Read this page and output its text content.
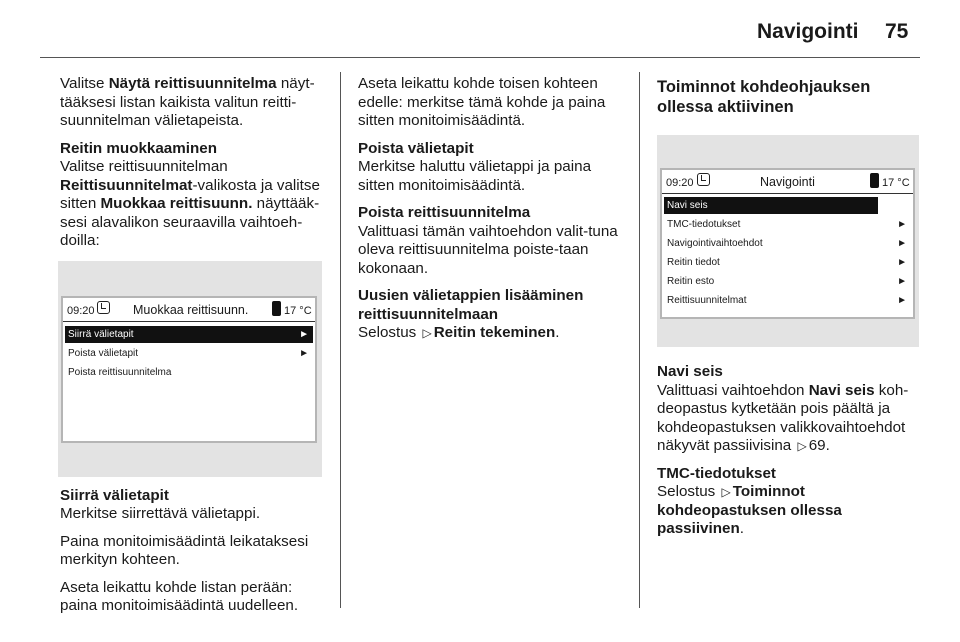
Navigointi 75

Valitse Näytä reittisuunnitelma näyt-tääksesi listan kaikista valitun reitti-suunnitelman välietapeista.

Reitin muokkaaminen

Valitse reittisuunnitelman
Reittisuunnitelmat-valikosta ja valitse sitten Muokkaa reittisuunn. näyttääk-sesi alavalikon seuraavilla vaihtoeh-doilla:

09:20	Muokkaa reittisuunn.	17 °C
Siirrä välietapit	►
Poista välietapit	►
Poista reittisuunnitelma
Siirrä välietapit

Merkitse siirrettävä välietappi.

Paina monitoimisäädintä leikataksesi merkityn kohteen.

Aseta leikattu kohde listan perään: paina monitoimisäädintä uudelleen.

Aseta leikattu kohde toisen kohteen edelle: merkitse tämä kohde ja paina sitten monitoimisäädintä.

Poista välietapit

Merkitse haluttu välietappi ja paina sitten monitoimisäädintä.

Poista reittisuunnitelma

Valittuasi tämän vaihtoehdon valit-tuna oleva reittisuunnitelma poiste-taan kokonaan.

Uusien välietappien lisääminen reittisuunnitelmaan

Selostus ▷ Reitin tekeminen.

Toiminnot kohdeohjauksen ollessa aktiivinen
09:20	Navigointi	17 °C
Navi seis
TMC-tiedotukset	►
Navigointivaihtoehdot	►
Reitin tiedot	►
Reitin esto	►
Reittisuunnitelmat	►
Navi seis

Valittuasi vaihtoehdon Navi seis koh-deopastus kytketään pois päältä ja kohdeopastuksen valikkovaihtoehdot näkyvät passiivisina ▷ 69.

TMC-tiedotukset

Selostus ▷ Toiminnot kohdeopastuksen ollessa passiivinen.
